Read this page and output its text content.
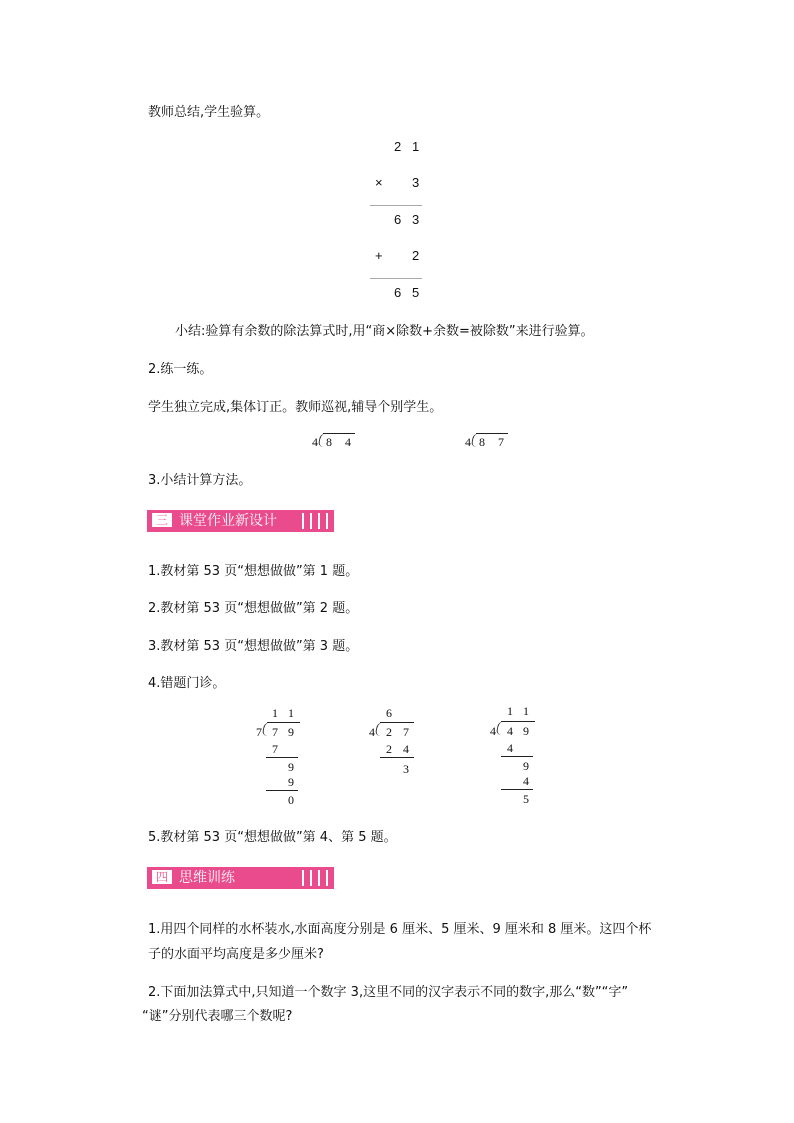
教师总结,学生验算。
2 1
× 3
6 3
+ 2
6 5
小结:验算有余数的除法算式时,用“商×除数+余数=被除数”来进行验算。
2.练一练。
学生独立完成,集体订正。教师巡视,辅导个别学生。
4 8 4	4 8 7
3.小结计算方法。
三 课堂作业新设计
1.教材第 53 页“想想做做”第 1 题。
2.教材第 53 页“想想做做”第 2 题。
3.教材第 53 页“想想做做”第 3 题。
4.错题门诊。
1 1
7 7 9
7
9
9
0
6
4 2 7
2 4
3
1 1
4 4 9
4
9
4
5
5.教材第 53 页“想想做做”第 4、第 5 题。
四 思维训练
1.用四个同样的水杯装水,水面高度分别是 6 厘米、5 厘米、9 厘米和 8 厘米。这四个杯
子的水面平均高度是多少厘米?
2.下面加法算式中,只知道一个数字 3,这里不同的汉字表示不同的数字,那么“数”“字”
“谜”分别代表哪三个数呢?
